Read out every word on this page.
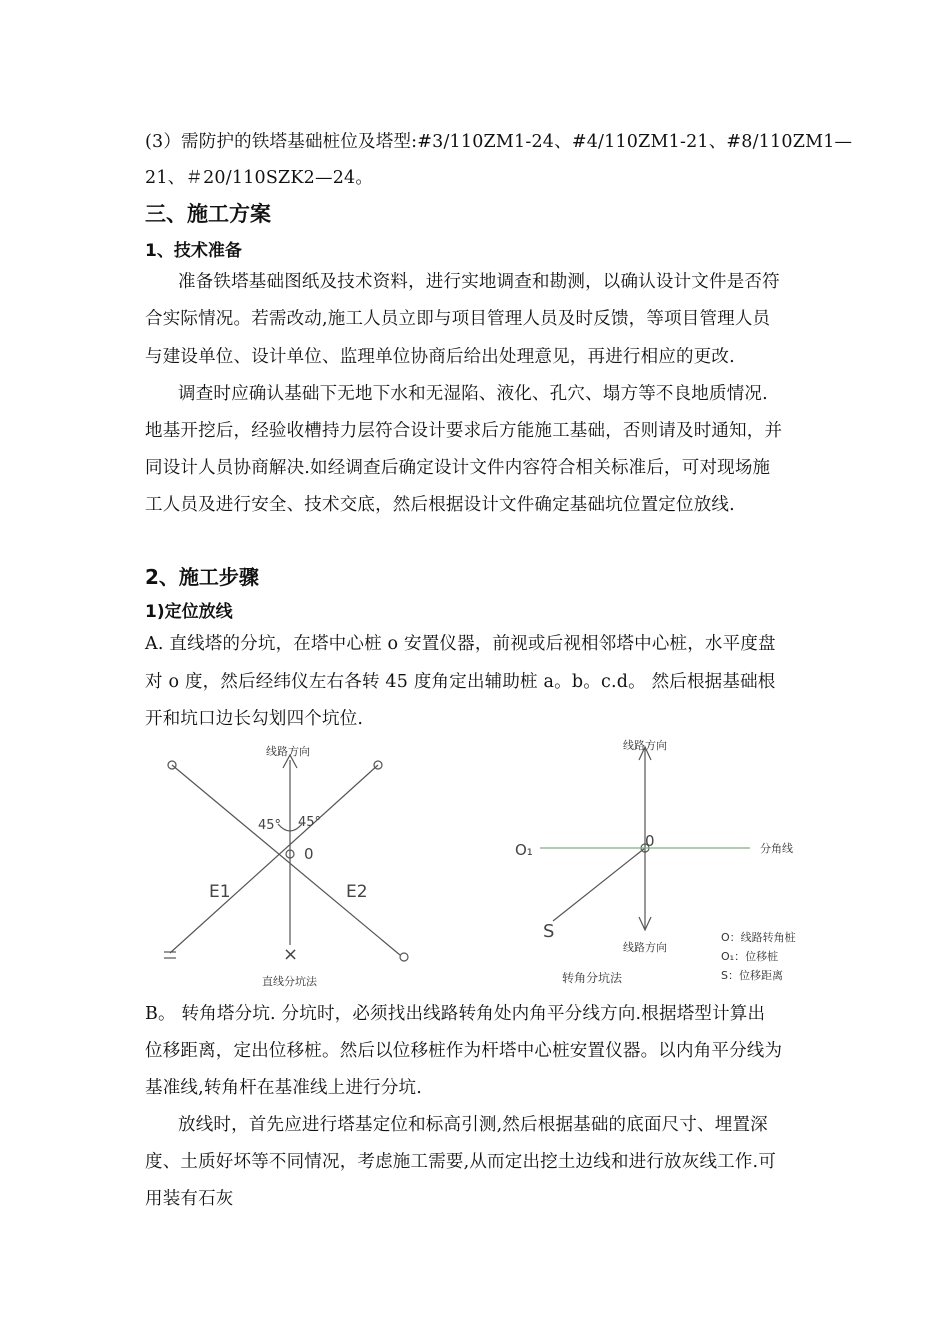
(3）需防护的铁塔基础桩位及塔型:#3/110ZM1-24、#4/110ZM1-21、#8/110ZM1—
21、＃20/110SZK2—24。
三、施工方案
1、技术准备
准备铁塔基础图纸及技术资料，进行实地调查和勘测，以确认设计文件是否符
合实际情况。若需改动,施工人员立即与项目管理人员及时反馈，等项目管理人员
与建设单位、设计单位、监理单位协商后给出处理意见，再进行相应的更改.
调查时应确认基础下无地下水和无湿陷、液化、孔穴、塌方等不良地质情况.
地基开挖后，经验收槽持力层符合设计要求后方能施工基础，否则请及时通知，并
同设计人员协商解决.如经调查后确定设计文件内容符合相关标准后，可对现场施
工人员及进行安全、技术交底，然后根据设计文件确定基础坑位置定位放线.
2、施工步骤
1)定位放线
A. 直线塔的分坑，在塔中心桩 o 安置仪器，前视或后视相邻塔中心桩，水平度盘
对 o 度，然后经纬仪左右各转 45 度角定出辅助桩 a。b。c.d。 然后根据基础根
开和坑口边长勾划四个坑位.
线路方向
45° 45°
0
E1	E2
×
直线分坑法
线路方向
线路方向
0
O₁	分角线
S	O：线路转角桩
O₁：位移桩
S：位移距离
转角分坑法
B。 转角塔分坑. 分坑时，必须找出线路转角处内角平分线方向.根据塔型计算出
位移距离，定出位移桩。然后以位移桩作为杆塔中心桩安置仪器。以内角平分线为
基准线,转角杆在基准线上进行分坑.
放线时，首先应进行塔基定位和标高引测,然后根据基础的底面尺寸、埋置深
度、土质好坏等不同情况，考虑施工需要,从而定出挖土边线和进行放灰线工作.可
用装有石灰
